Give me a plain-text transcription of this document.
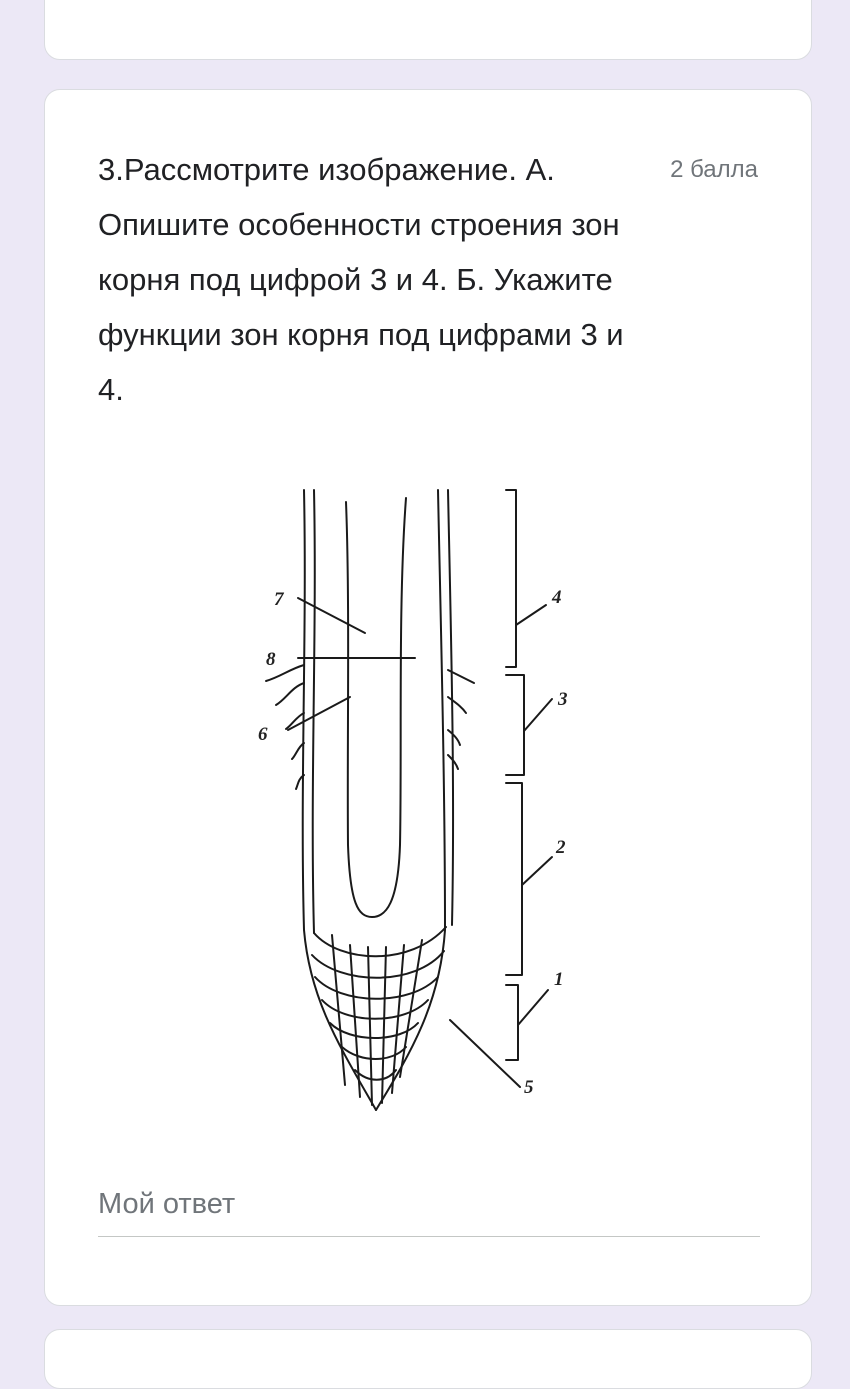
3.Рассмотрите изображение. А. Опишите особенности строения зон корня под цифрой 3 и 4. Б. Укажите функции зон корня под цифрами 3 и 4.
2 балла
4
3
2
1
5
7
8
6
Мой ответ
